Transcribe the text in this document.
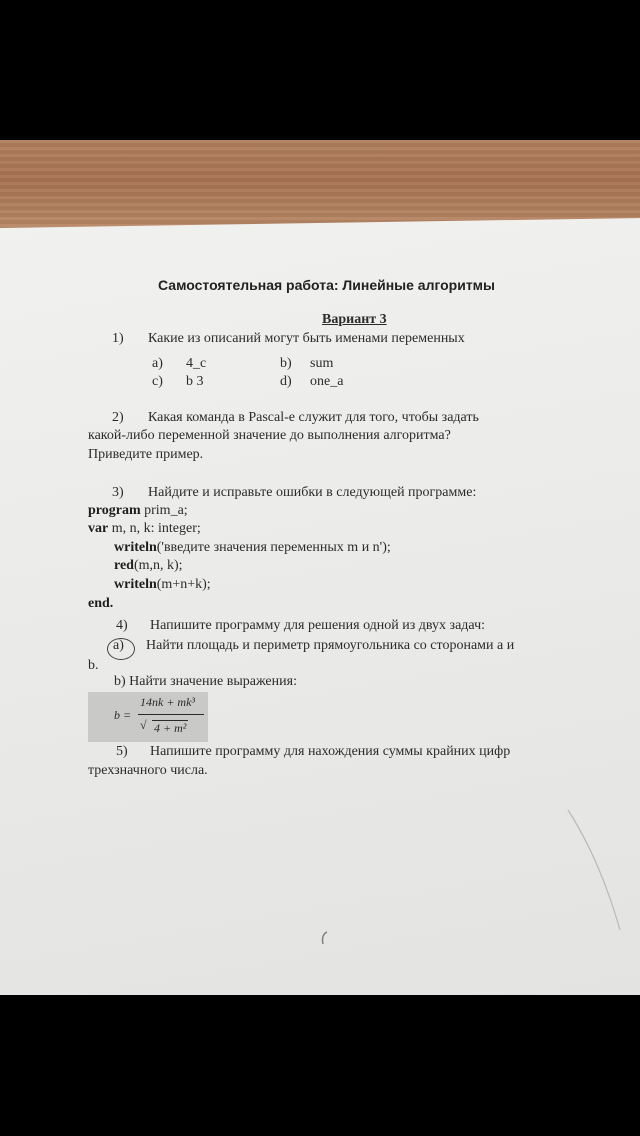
Самостоятельная работа: Линейные алгоритмы
Вариант 3
1) Какие из описаний могут быть именами переменных
a) 4_c	b) sum
c) b 3	d) one_a
2) Какая команда в Pascal-е служит для того, чтобы задать
какой-либо переменной значение до выполнения алгоритма?
Приведите пример.
3) Найдите и исправьте ошибки в следующей программе:
program prim_a;
var m, n, k: integer;
writeln('введите значения переменных m и n');
red(m,n, k);
writeln(m+n+k);
end.
4) Напишите программу для решения одной из двух задач:
a) Найти площадь и периметр прямоугольника со сторонами а и
b.
b) Найти значение выражения:
b =
14nk + mk³
√ 4 + m²
5) Напишите программу для нахождения суммы крайних цифр
трехзначного числа.
